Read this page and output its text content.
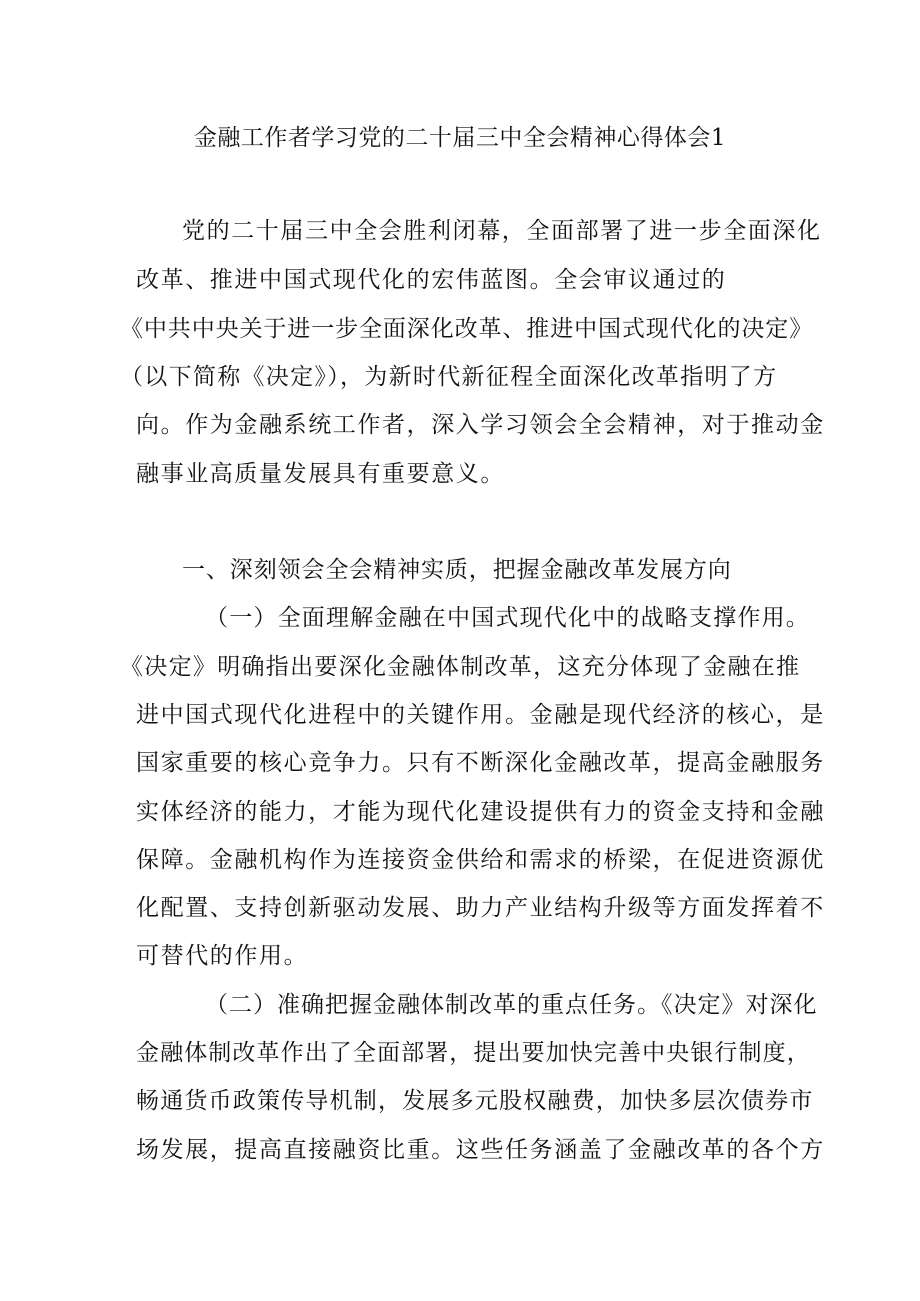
金融工作者学习党的二十届三中全会精神心得体会1
党的二十届三中全会胜利闭幕，全面部署了进一步全面深化
改革、推进中国式现代化的宏伟蓝图。全会审议通过的
《中共中央关于进一步全面深化改革、推进中国式现代化的决定》
（以下简称《决定》），为新时代新征程全面深化改革指明了方
向。作为金融系统工作者，深入学习领会全会精神，对于推动金
融事业高质量发展具有重要意义。
一、深刻领会全会精神实质，把握金融改革发展方向
（一）全面理解金融在中国式现代化中的战略支撑作用。
《决定》明确指出要深化金融体制改革，这充分体现了金融在推
进中国式现代化进程中的关键作用。金融是现代经济的核心，是
国家重要的核心竞争力。只有不断深化金融改革，提高金融服务
实体经济的能力，才能为现代化建设提供有力的资金支持和金融
保障。金融机构作为连接资金供给和需求的桥梁，在促进资源优
化配置、支持创新驱动发展、助力产业结构升级等方面发挥着不
可替代的作用。
（二）准确把握金融体制改革的重点任务。《决定》对深化
金融体制改革作出了全面部署，提出要加快完善中央银行制度，
畅通货币政策传导机制，发展多元股权融费，加快多层次债券市
场发展，提高直接融资比重。这些任务涵盖了金融改革的各个方
